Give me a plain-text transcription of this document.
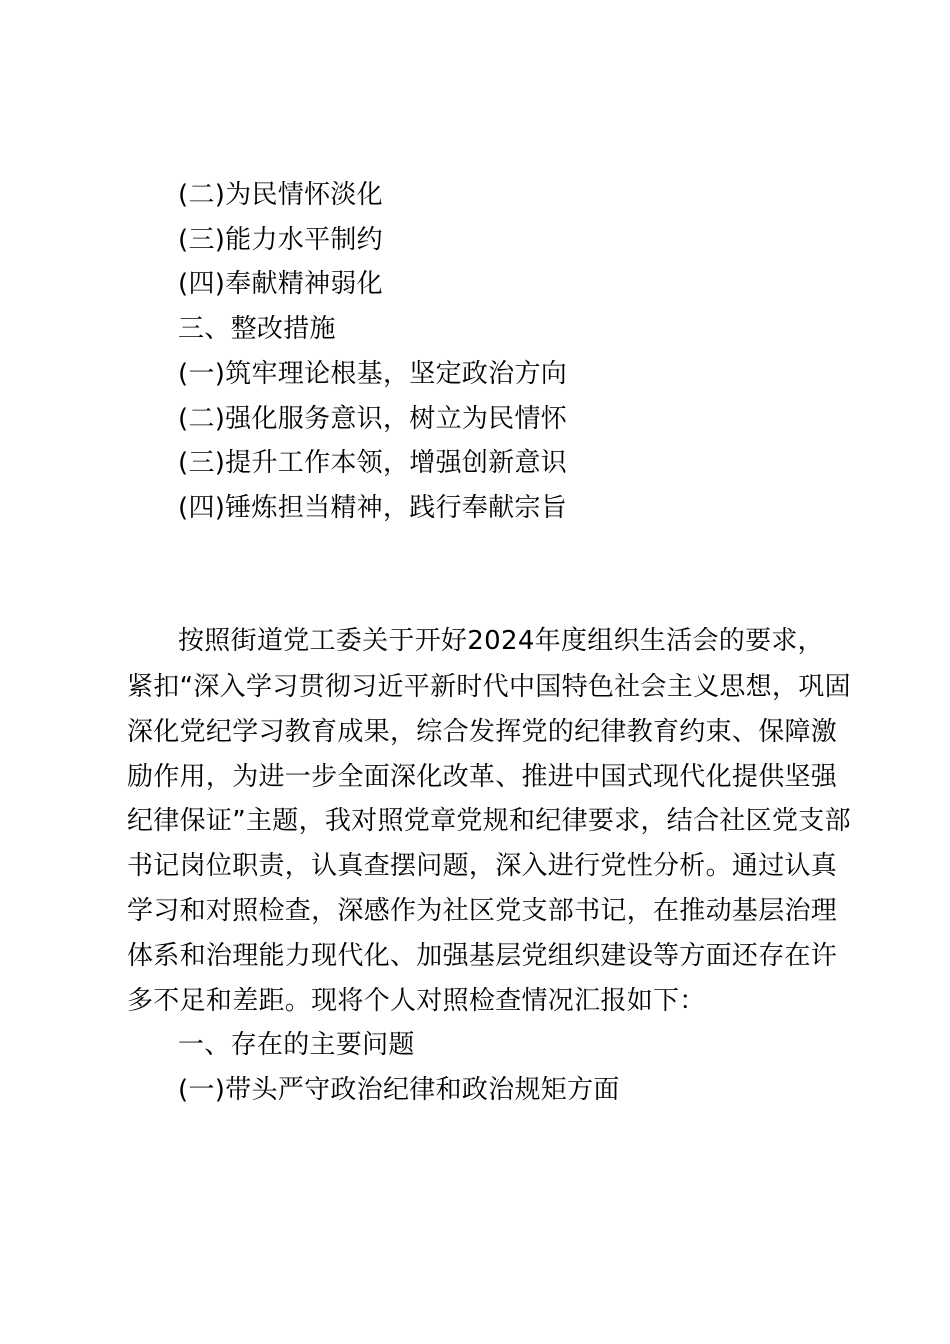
(二)为民情怀淡化
(三)能力水平制约
(四)奉献精神弱化
三、整改措施
(一)筑牢理论根基，坚定政治方向
(二)强化服务意识，树立为民情怀
(三)提升工作本领，增强创新意识
(四)锤炼担当精神，践行奉献宗旨
按照街道党工委关于开好2024年度组织生活会的要求，
紧扣“深入学习贯彻习近平新时代中国特色社会主义思想，巩固
深化党纪学习教育成果，综合发挥党的纪律教育约束、保障激
励作用，为进一步全面深化改革、推进中国式现代化提供坚强
纪律保证”主题，我对照党章党规和纪律要求，结合社区党支部
书记岗位职责，认真查摆问题，深入进行党性分析。通过认真
学习和对照检查，深感作为社区党支部书记，在推动基层治理
体系和治理能力现代化、加强基层党组织建设等方面还存在许
多不足和差距。现将个人对照检查情况汇报如下：
一、存在的主要问题
(一)带头严守政治纪律和政治规矩方面
